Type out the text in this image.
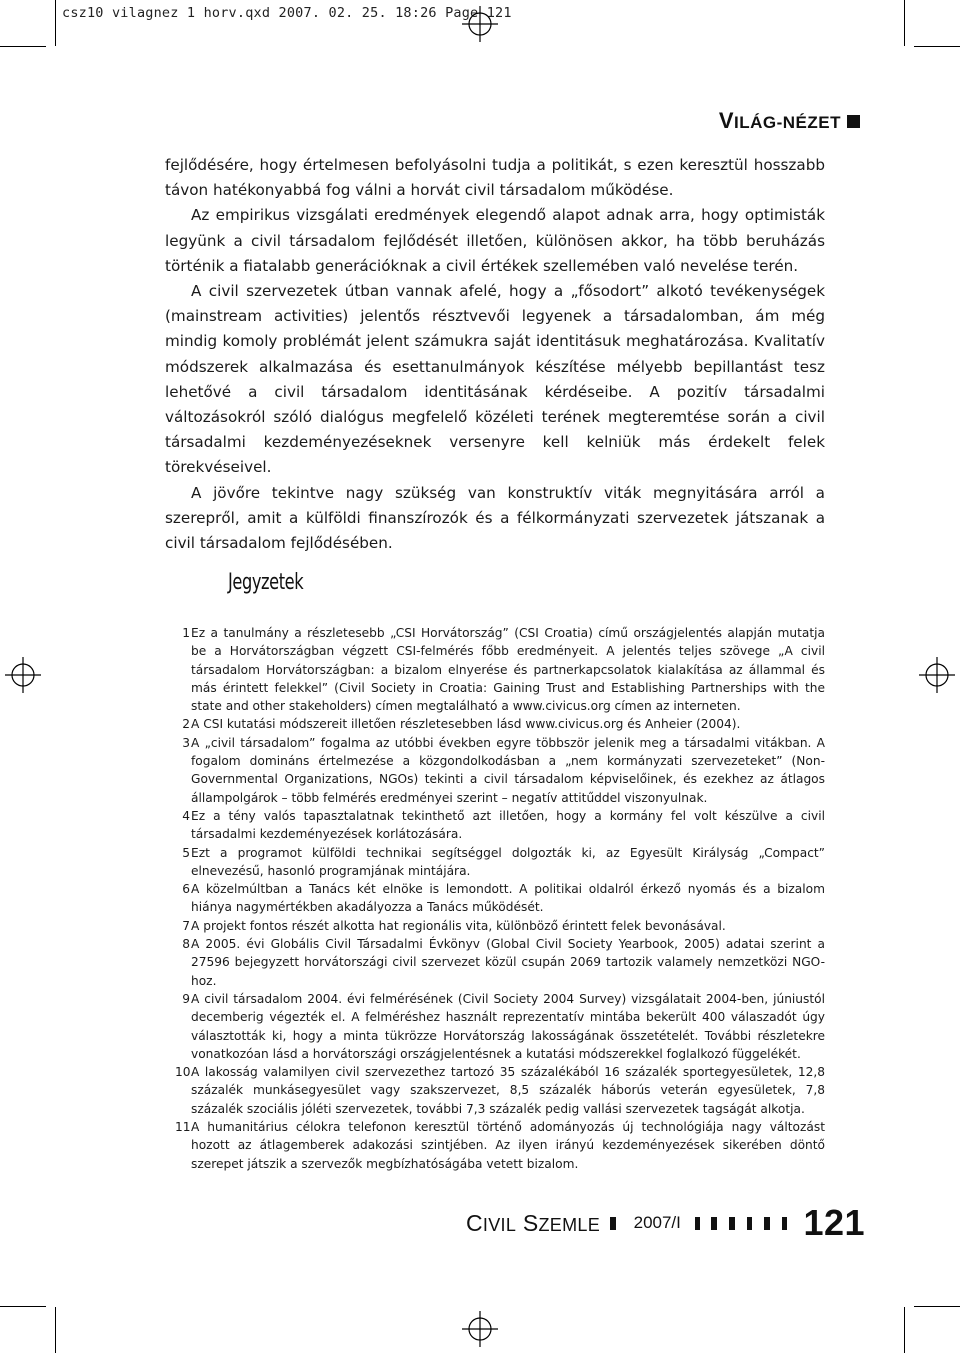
csz10 vilagnez 1 horv.qxd 2007. 02. 25. 18:26 Page 121
VILÁG-NÉZET

fejlődésére, hogy értelmesen befolyásolni tudja a politikát, s ezen keresztül hosszabb távon hatékonyabbá fog válni a horvát civil társadalom működése.

Az empirikus vizsgálati eredmények elegendő alapot adnak arra, hogy optimisták legyünk a civil társadalom fejlődését illetően, különösen akkor, ha több beruházás történik a fiatalabb generációknak a civil értékek szellemében való nevelése terén.

A civil szervezetek útban vannak afelé, hogy a „fősodort” alkotó tevékenységek (mainstream activities) jelentős résztvevői legyenek a társadalomban, ám még mindig komoly problémát jelent számukra saját identitásuk meghatározása. Kvalitatív módszerek alkalmazása és esettanulmányok készítése mélyebb bepillantást tesz lehetővé a civil társadalom identitásának kérdéseibe. A pozitív társadalmi változásokról szóló dialógus megfelelő közéleti terének megteremtése során a civil társadalmi kezdeményezéseknek versenyre kell kelniük más érdekelt felek törekvéseivel.

A jövőre tekintve nagy szükség van konstruktív viták megnyitására arról a szerepről, amit a külföldi finanszírozók és a félkormányzati szervezetek játszanak a civil társadalom fejlődésében.

Jegyzetek
1 Ez a tanulmány a részletesebb „CSI Horvátország” (CSI Croatia) című országjelentés alapján mutatja be a Horvátországban végzett CSI-felmérés főbb eredményeit. A jelentés teljes szövege „A civil társadalom Horvátországban: a bizalom elnyerése és partnerkapcsolatok kialakítása az állammal és más érintett felekkel” (Civil Society in Croatia: Gaining Trust and Establishing Partnerships with the state and other stakeholders) címen megtalálható a www.civicus.org címen az interneten.
2 A CSI kutatási módszereit illetően részletesebben lásd www.civicus.org és Anheier (2004).
3 A „civil társadalom” fogalma az utóbbi években egyre többször jelenik meg a társadalmi vitákban. A fogalom domináns értelmezése a közgondolkodásban a „nem kormányzati szervezeteket” (Non-Governmental Organizations, NGOs) tekinti a civil társadalom képviselőinek, és ezekhez az átlagos állampolgárok – több felmérés eredményei szerint – negatív attitűddel viszonyulnak.
4 Ez a tény valós tapasztalatnak tekinthető azt illetően, hogy a kormány fel volt készülve a civil társadalmi kezdeményezések korlátozására.
5 Ezt a programot külföldi technikai segítséggel dolgozták ki, az Egyesült Királyság „Compact” elnevezésű, hasonló programjának mintájára.
6 A közelmúltban a Tanács két elnöke is lemondott. A politikai oldalról érkező nyomás és a bizalom hiánya nagymértékben akadályozza a Tanács működését.
7 A projekt fontos részét alkotta hat regionális vita, különböző érintett felek bevonásával.
8 A 2005. évi Globális Civil Társadalmi Évkönyv (Global Civil Society Yearbook, 2005) adatai szerint a 27596 bejegyzett horvátországi civil szervezet közül csupán 2069 tartozik valamely nemzetközi NGO-hoz.
9 A civil társadalom 2004. évi felmérésének (Civil Society 2004 Survey) vizsgálatait 2004-ben, júniustól decemberig végezték el. A felméréshez használt reprezentatív mintába bekerült 400 válaszadót úgy választották ki, hogy a minta tükrözze Horvátország lakosságának összetételét. További részletekre vonatkozóan lásd a horvátországi országjelentésnek a kutatási módszerekkel foglalkozó függelékét.
10 A lakosság valamilyen civil szervezethez tartozó 35 százalékából 16 százalék sportegyesületek, 12,8 százalék munkásegyesület vagy szakszervezet, 8,5 százalék háborús veterán egyesületek, 7,8 százalék szociális jóléti szervezetek, további 7,3 százalék pedig vallási szervezetek tagságát alkotja.
11 A humanitárius célokra telefonon keresztül történő adományozás új technológiája nagy változást hozott az átlagemberek adakozási szintjében. Az ilyen irányú kezdeményezések sikerében döntő szerepet játszik a szervezők megbízhatóságába vetett bizalom.
CIVIL SZEMLE 2007/I	121
